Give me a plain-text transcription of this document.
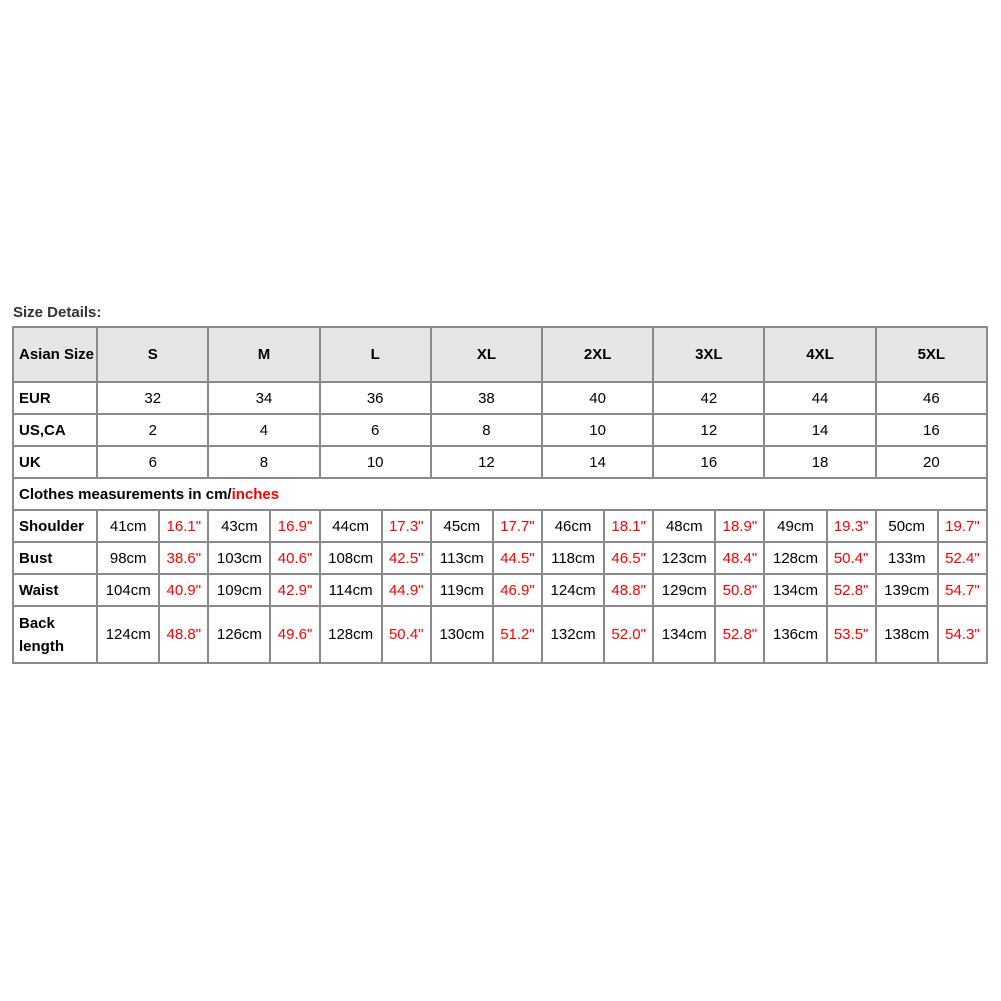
Size Details:
Asian Size	S		M		L		XL		2XL		3XL		4XL		5XL	
EUR	32		34		36		38		40		42		44		46	
US,CA	2		4		6		8		10		12		14		16	
UK	6		8		10		12		14		16		18		20	
Clothes measurements in cm/inches																
Shoulder	41cm	16.1"	43cm	16.9"	44cm	17.3"	45cm	17.7"	46cm	18.1"	48cm	18.9"	49cm	19.3"	50cm	19.7"
Bust	98cm	38.6"	103cm	40.6"	108cm	42.5"	113cm	44.5"	118cm	46.5"	123cm	48.4"	128cm	50.4"	133m	52.4"
Waist	104cm	40.9"	109cm	42.9"	114cm	44.9"	119cm	46.9"	124cm	48.8"	129cm	50.8"	134cm	52.8"	139cm	54.7"
Back length	124cm	48.8"	126cm	49.6"	128cm	50.4"	130cm	51.2"	132cm	52.0"	134cm	52.8"	136cm	53.5"	138cm	54.3"
